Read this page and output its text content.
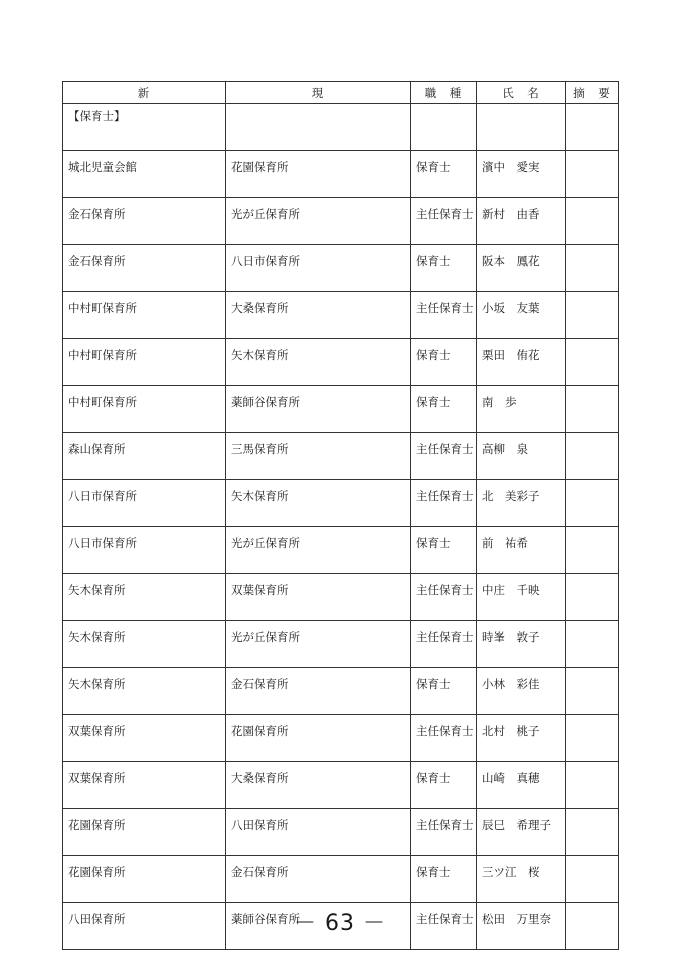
新	現	職　種	氏　名	摘　要
【保育士】				
城北児童会館	花園保育所	保育士	濱中　愛実	
金石保育所	光が丘保育所	主任保育士	新村　由香	
金石保育所	八日市保育所	保育士	阪本　鳳花	
中村町保育所	大桑保育所	主任保育士	小坂　友葉	
中村町保育所	矢木保育所	保育士	栗田　侑花	
中村町保育所	薬師谷保育所	保育士	南　歩	
森山保育所	三馬保育所	主任保育士	高柳　泉	
八日市保育所	矢木保育所	主任保育士	北　美彩子	
八日市保育所	光が丘保育所	保育士	前　祐希	
矢木保育所	双葉保育所	主任保育士	中庄　千映	
矢木保育所	光が丘保育所	主任保育士	時峯　敦子	
矢木保育所	金石保育所	保育士	小林　彩佳	
双葉保育所	花園保育所	主任保育士	北村　桃子	
双葉保育所	大桑保育所	保育士	山崎　真穂	
花園保育所	八田保育所	主任保育士	辰巳　希理子	
花園保育所	金石保育所	保育士	三ツ江　桜	
八田保育所	薬師谷保育所	主任保育士	松田　万里奈	
－ 63 －
